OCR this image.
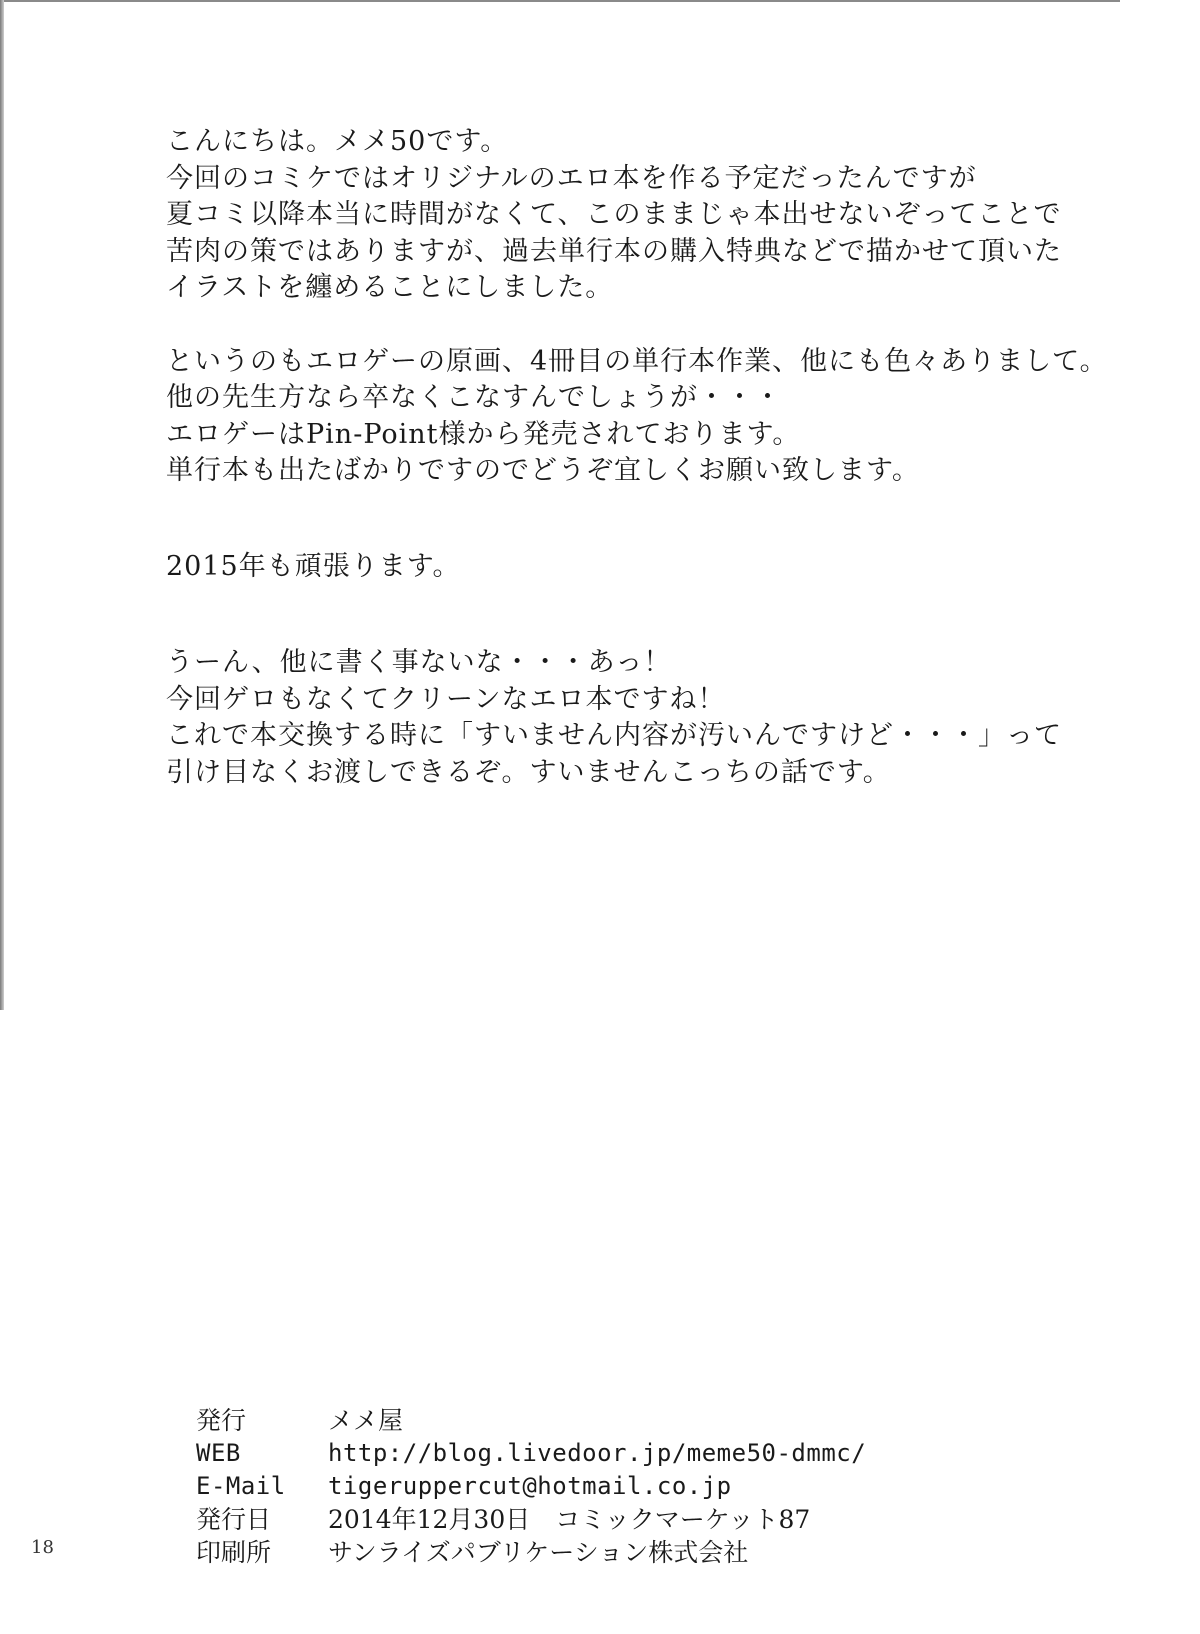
こんにちは。メメ50です。
今回のコミケではオリジナルのエロ本を作る予定だったんですが
夏コミ以降本当に時間がなくて、このままじゃ本出せないぞってことで
苦肉の策ではありますが、過去単行本の購入特典などで描かせて頂いた
イラストを纏めることにしました。
というのもエロゲーの原画、4冊目の単行本作業、他にも色々ありまして。
他の先生方なら卒なくこなすんでしょうが・・・
エロゲーはPin-Point様から発売されております。
単行本も出たばかりですのでどうぞ宜しくお願い致します。
2015年も頑張ります。
うーん、他に書く事ないな・・・あっ！
今回ゲロもなくてクリーンなエロ本ですね！
これで本交換する時に「すいません内容が汚いんですけど・・・」って
引け目なくお渡しできるぞ。すいませんこっちの話です。
発行	メメ屋
WEB	http://blog.livedoor.jp/meme50-dmmc/
E-Mail	tigeruppercut@hotmail.co.jp
発行日	2014年12月30日　コミックマーケット87
印刷所	サンライズパブリケーション株式会社
18
